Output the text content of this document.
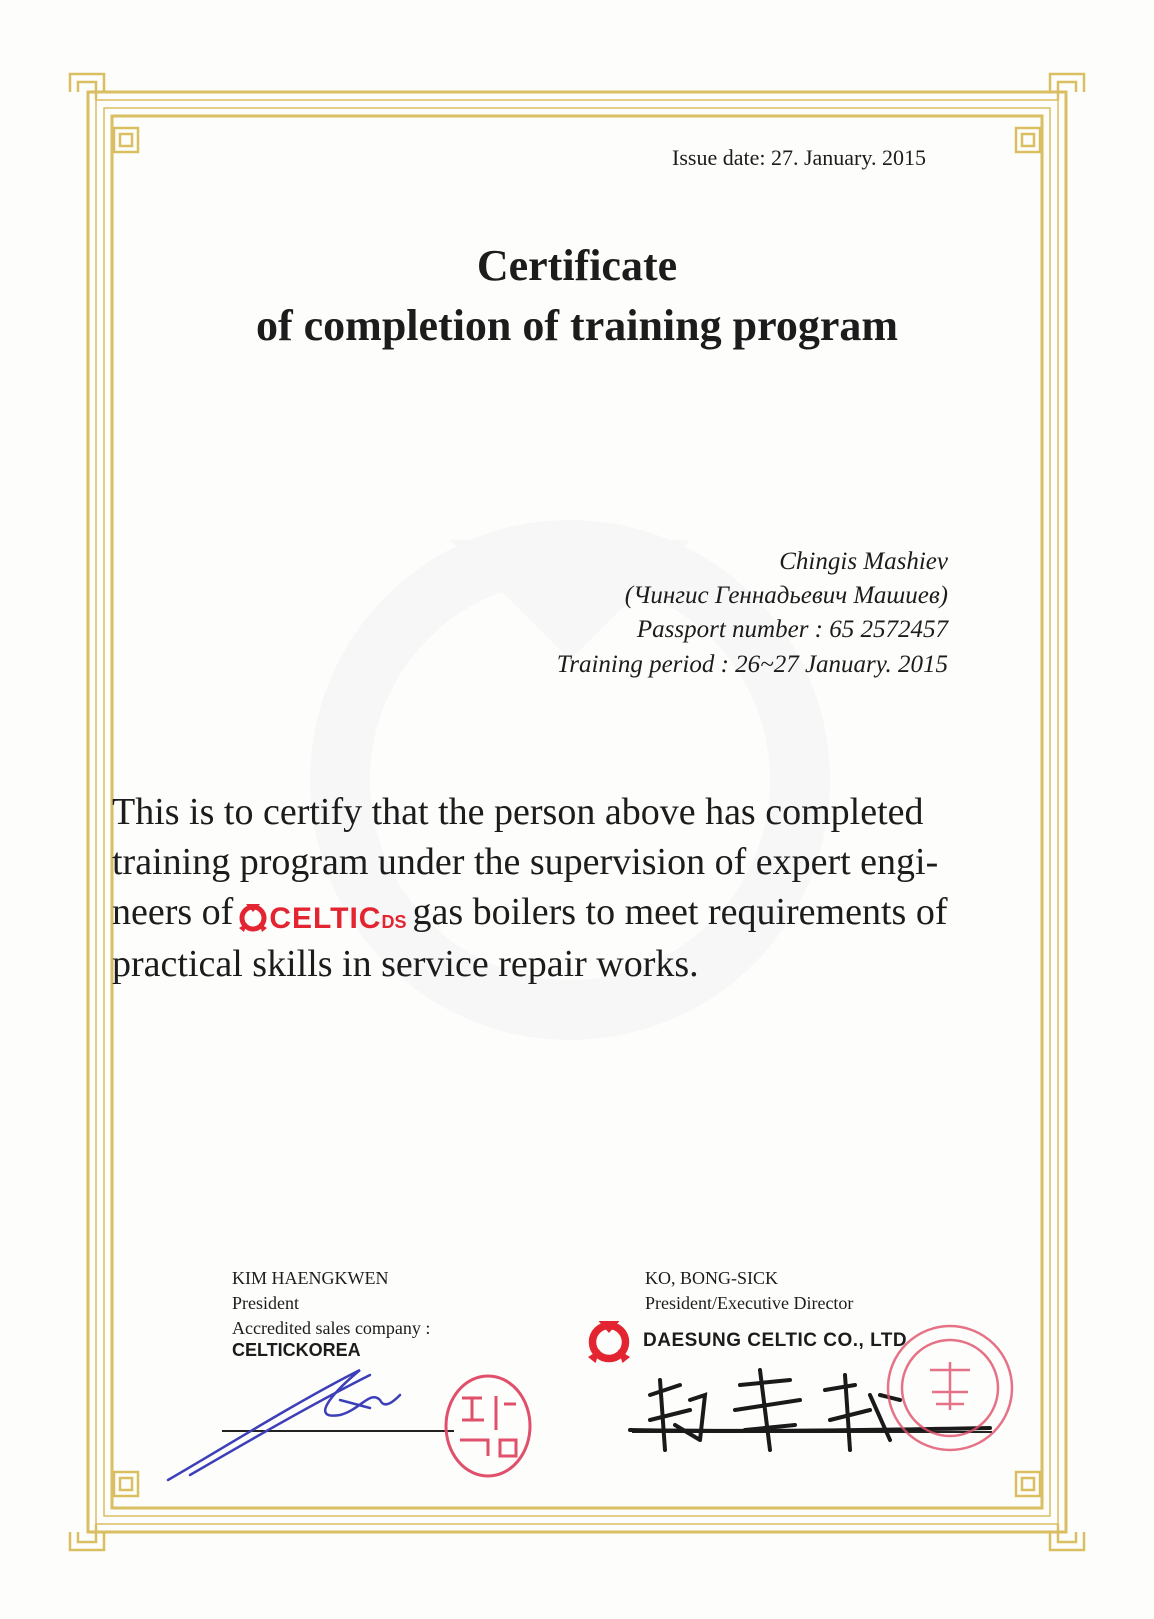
Issue date: 27. January. 2015
Certificate
of completion of training program
Chingis Mashiev
(Чингис Геннадьевич Машиев)
Passport number : 65 2572457
Training period : 26~27 January. 2015
This is to certify that the person above has completed
training program under the supervision of expert engi-
neers of CELTICDS gas boilers to meet requirements of
practical skills in service repair works.
KIM HAENGKWEN
President
Accredited sales company :
CELTICKOREA
KO, BONG-SICK
President/Executive Director
DAESUNG CELTIC CO., LTD
